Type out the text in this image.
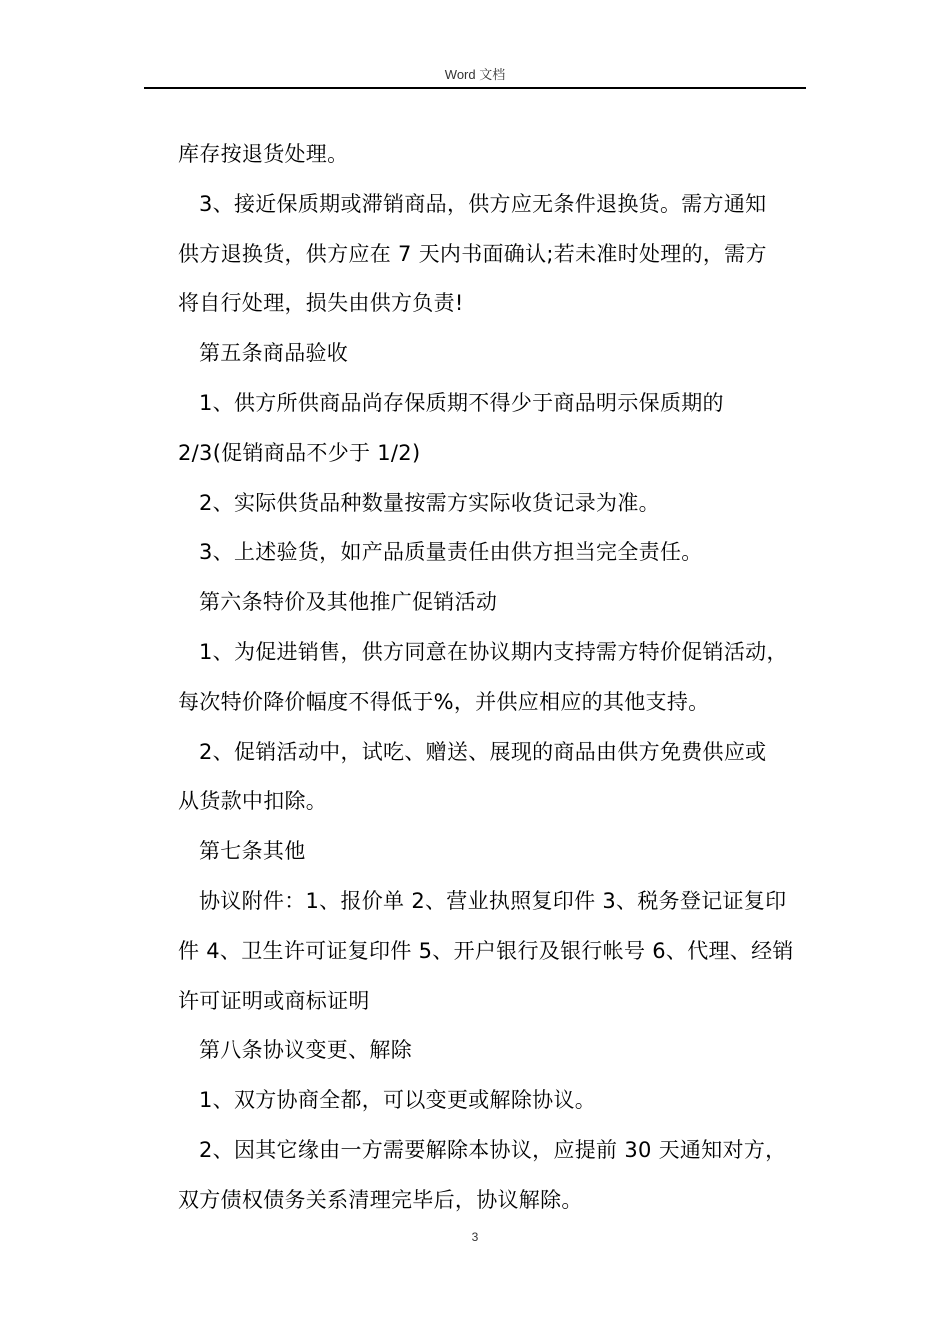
Word 文档
库存按退货处理。
3、接近保质期或滞销商品，供方应无条件退换货。需方通知
供方退换货，供方应在 7 天内书面确认;若未准时处理的，需方
将自行处理，损失由供方负责!
第五条商品验收
1、供方所供商品尚存保质期不得少于商品明示保质期的
2/3(促销商品不少于 1/2)
2、实际供货品种数量按需方实际收货记录为准。
3、上述验货，如产品质量责任由供方担当完全责任。
第六条特价及其他推广促销活动
1、为促进销售，供方同意在协议期内支持需方特价促销活动，
每次特价降价幅度不得低于%，并供应相应的其他支持。
2、促销活动中，试吃、赠送、展现的商品由供方免费供应或
从货款中扣除。
第七条其他
协议附件：1、报价单 2、营业执照复印件 3、税务登记证复印
件 4、卫生许可证复印件 5、开户银行及银行帐号 6、代理、经销
许可证明或商标证明
第八条协议变更、解除
1、双方协商全都，可以变更或解除协议。
2、因其它缘由一方需要解除本协议，应提前 30 天通知对方，
双方债权债务关系清理完毕后，协议解除。
3
